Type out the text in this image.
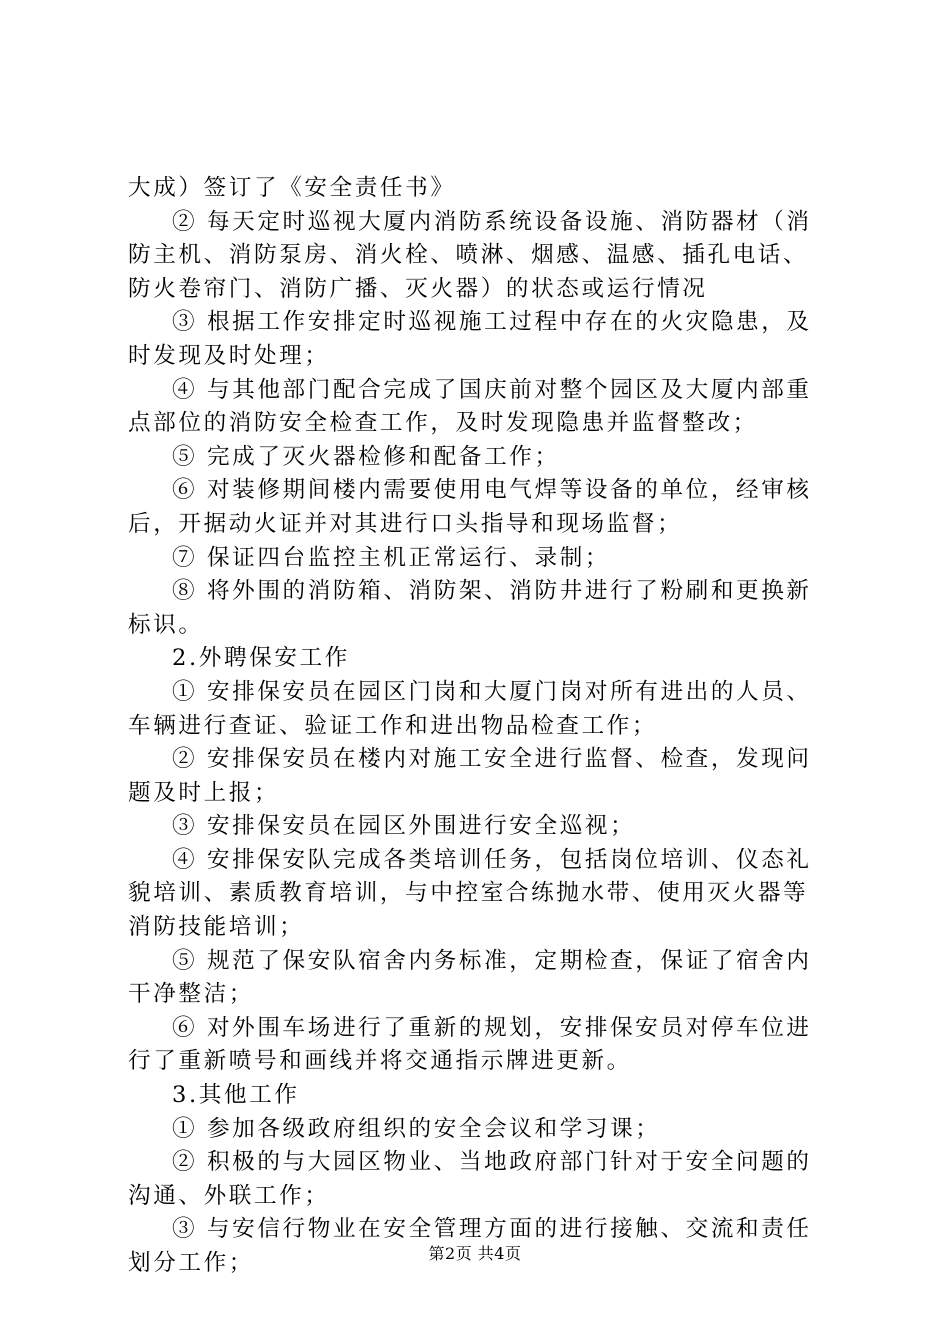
大成）签订了《安全责任书》
② 每天定时巡视大厦内消防系统设备设施、消防器材（消
防主机、消防泵房、消火栓、喷淋、烟感、温感、插孔电话、
防火卷帘门、消防广播、灭火器）的状态或运行情况
③ 根据工作安排定时巡视施工过程中存在的火灾隐患，及
时发现及时处理；
④ 与其他部门配合完成了国庆前对整个园区及大厦内部重
点部位的消防安全检查工作，及时发现隐患并监督整改；
⑤ 完成了灭火器检修和配备工作；
⑥ 对装修期间楼内需要使用电气焊等设备的单位，经审核
后，开据动火证并对其进行口头指导和现场监督；
⑦ 保证四台监控主机正常运行、录制；
⑧ 将外围的消防箱、消防架、消防井进行了粉刷和更换新
标识。
2.外聘保安工作
① 安排保安员在园区门岗和大厦门岗对所有进出的人员、
车辆进行查证、验证工作和进出物品检查工作；
② 安排保安员在楼内对施工安全进行监督、检查，发现问
题及时上报；
③ 安排保安员在园区外围进行安全巡视；
④ 安排保安队完成各类培训任务，包括岗位培训、仪态礼
貌培训、素质教育培训，与中控室合练抛水带、使用灭火器等
消防技能培训；
⑤ 规范了保安队宿舍内务标准，定期检查，保证了宿舍内
干净整洁；
⑥ 对外围车场进行了重新的规划，安排保安员对停车位进
行了重新喷号和画线并将交通指示牌进更新。
3.其他工作
① 参加各级政府组织的安全会议和学习课；
② 积极的与大园区物业、当地政府部门针对于安全问题的
沟通、外联工作；
③ 与安信行物业在安全管理方面的进行接触、交流和责任
划分工作；	第2页 共4页
